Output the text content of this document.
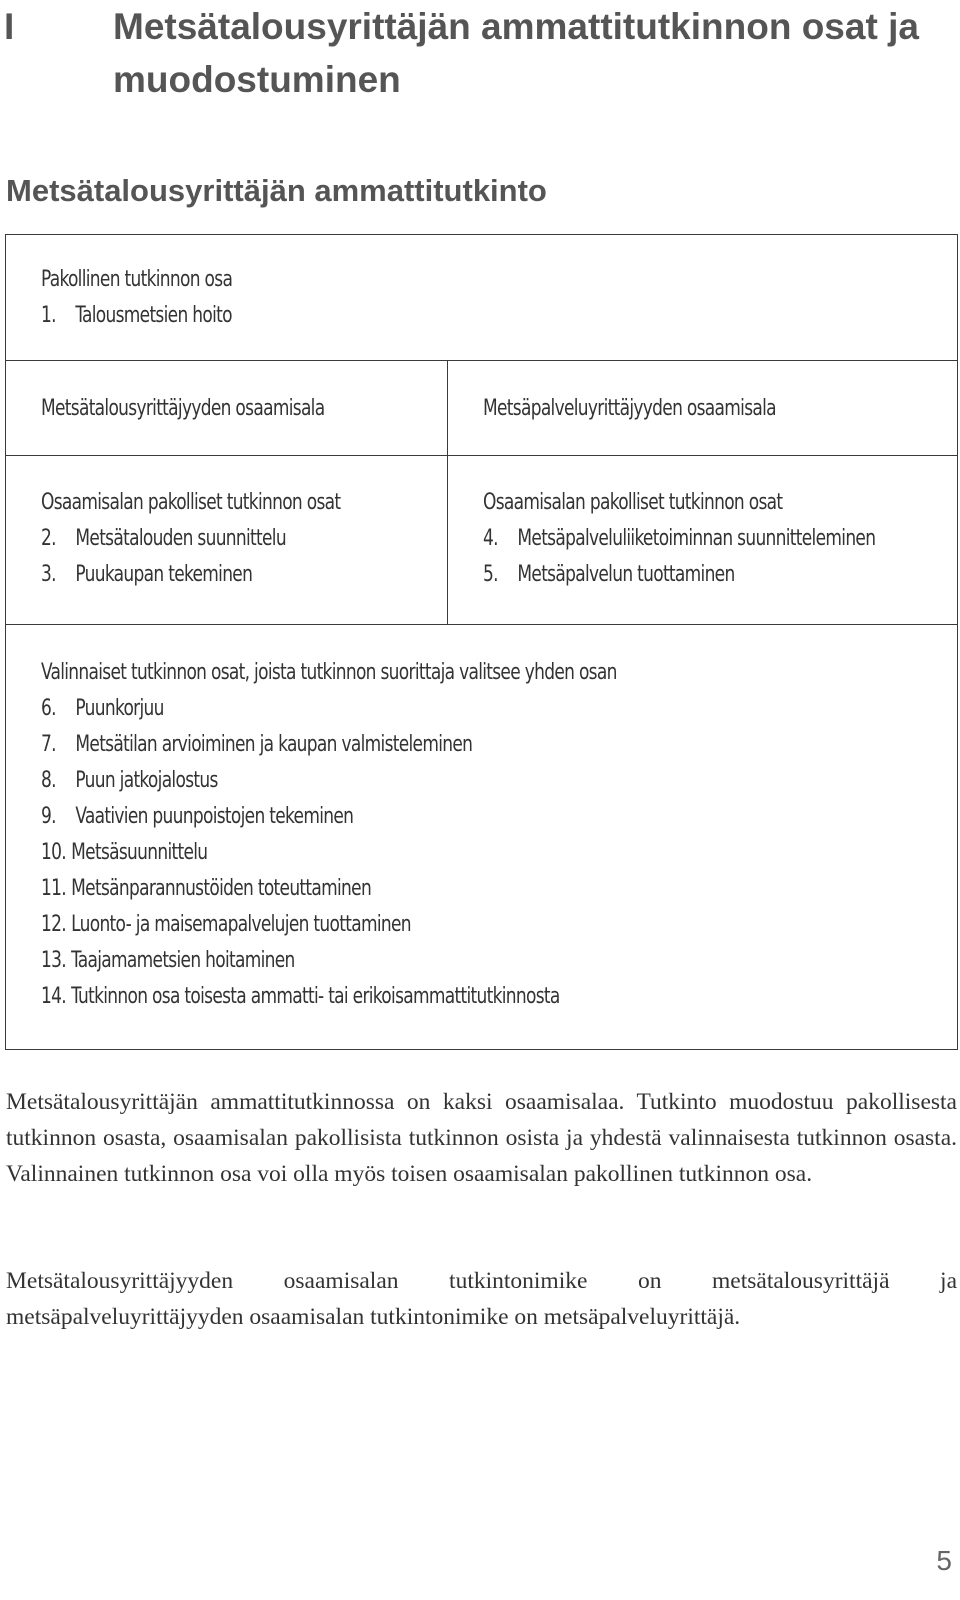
I	Metsätalousyrittäjän ammattitutkinnon osat ja muodostuminen
Metsätalousyrittäjän ammattitutkinto
Pakollinen tutkinnon osa
1. Talousmetsien hoito
Metsätalousyrittäjyyden osaamisala	Metsäpalveluyrittäjyyden osaamisala
Osaamisalan pakolliset tutkinnon osat
2. Metsätalouden suunnittelu
3. Puukaupan tekeminen
Osaamisalan pakolliset tutkinnon osat
4. Metsäpalveluliiketoiminnan suunnitteleminen
5. Metsäpalvelun tuottaminen
Valinnaiset tutkinnon osat, joista tutkinnon suorittaja valitsee yhden osan
6. Puunkorjuu
7. Metsätilan arvioiminen ja kaupan valmisteleminen
8. Puun jatkojalostus
9. Vaativien puunpoistojen tekeminen
10. Metsäsuunnittelu
11. Metsänparannustöiden toteuttaminen
12. Luonto- ja maisemapalvelujen tuottaminen
13. Taajamametsien hoitaminen
14. Tutkinnon osa toisesta ammatti- tai erikoisammattitutkinnosta

Metsätalousyrittäjän ammattitutkinnossa on kaksi osaamisalaa. Tutkinto muodostuu pakollisesta tutkinnon osasta, osaamisalan pakollisista tutkinnon osista ja yhdestä valinnaisesta tutkinnon osasta. Valinnainen tutkinnon osa voi olla myös toisen osaamisalan pakollinen tutkinnon osa.

Metsätalousyrittäjyyden osaamisalan tutkintonimike on metsätalousyrittäjä ja metsäpalveluyrittäjyyden osaamisalan tutkintonimike on metsäpalveluyrittäjä.

5
